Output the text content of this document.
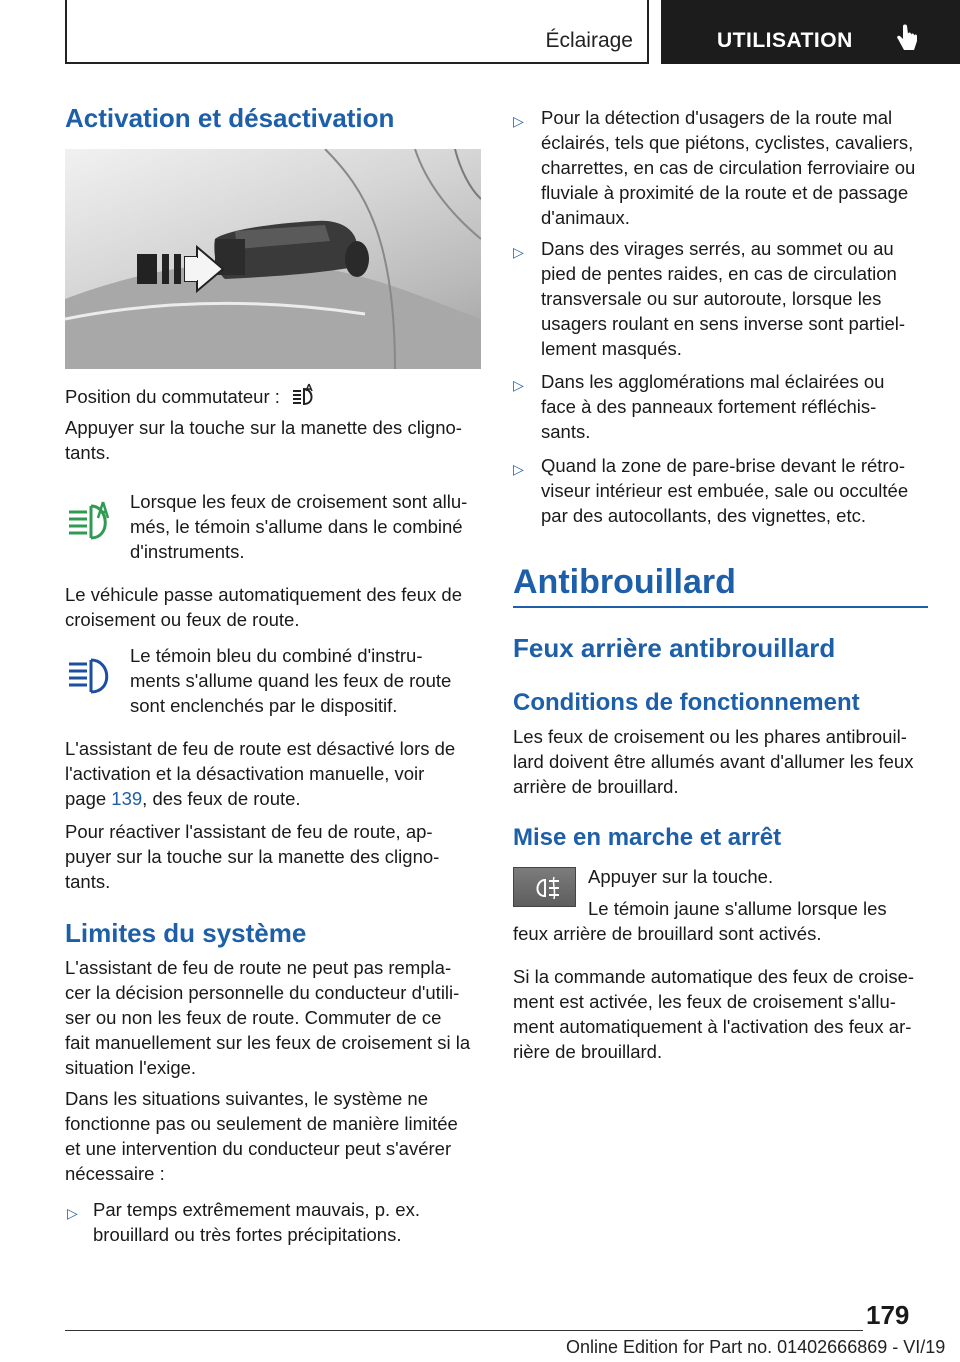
Éclairage	UTILISATION
Activation et désactivation
Position du commutateur :
Appuyer sur la touche sur la manette des cligno-
tants.
Lorsque les feux de croisement sont allu-
més, le témoin s'allume dans le combiné
d'instruments.
Le véhicule passe automatiquement des feux de
croisement ou feux de route.
Le témoin bleu du combiné d'instru-
ments s'allume quand les feux de route
sont enclenchés par le dispositif.
L'assistant de feu de route est désactivé lors de
l'activation et la désactivation manuelle, voir
page 139, des feux de route.
Pour réactiver l'assistant de feu de route, ap-
puyer sur la touche sur la manette des cligno-
tants.
Limites du système
L'assistant de feu de route ne peut pas rempla-
cer la décision personnelle du conducteur d'utili-
ser ou non les feux de route. Commuter de ce
fait manuellement sur les feux de croisement si la
situation l'exige.
Dans les situations suivantes, le système ne
fonctionne pas ou seulement de manière limitée
et une intervention du conducteur peut s'avérer
nécessaire :
▷ Par temps extrêmement mauvais, p. ex.
brouillard ou très fortes précipitations.
▷ Pour la détection d'usagers de la route mal
éclairés, tels que piétons, cyclistes, cavaliers,
charrettes, en cas de circulation ferroviaire ou
fluviale à proximité de la route et de passage
d'animaux.
▷ Dans des virages serrés, au sommet ou au
pied de pentes raides, en cas de circulation
transversale ou sur autoroute, lorsque les
usagers roulant en sens inverse sont partiel-
lement masqués.
▷ Dans les agglomérations mal éclairées ou
face à des panneaux fortement réfléchis-
sants.
▷ Quand la zone de pare-brise devant le rétro-
viseur intérieur est embuée, sale ou occultée
par des autocollants, des vignettes, etc.
Antibrouillard
Feux arrière antibrouillard
Conditions de fonctionnement
Les feux de croisement ou les phares antibrouil-
lard doivent être allumés avant d'allumer les feux
arrière de brouillard.
Mise en marche et arrêt
Appuyer sur la touche.
Le témoin jaune s'allume lorsque les
feux arrière de brouillard sont activés.
Si la commande automatique des feux de croise-
ment est activée, les feux de croisement s'allu-
ment automatiquement à l'activation des feux ar-
rière de brouillard.
179
Online Edition for Part no. 01402666869 - VI/19
